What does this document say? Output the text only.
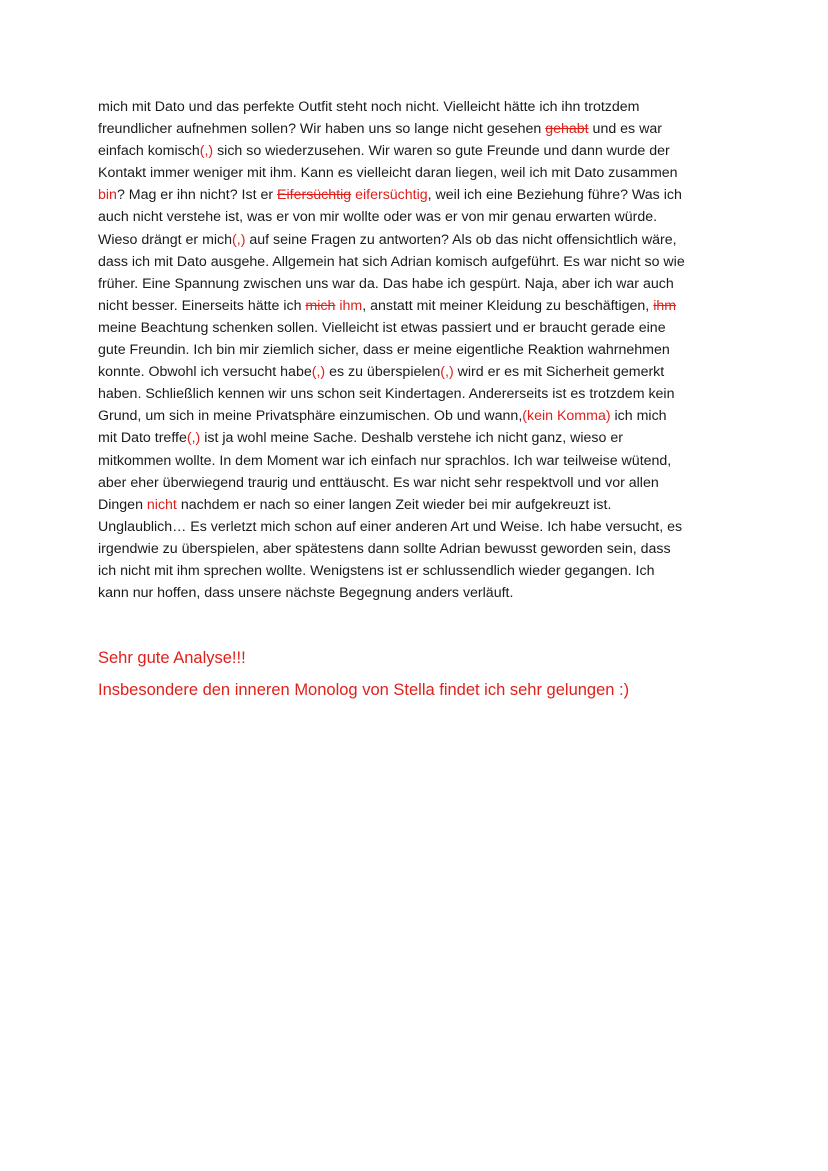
mich mit Dato und das perfekte Outfit steht noch nicht. Vielleicht hätte ich ihn trotzdem
freundlicher aufnehmen sollen? Wir haben uns so lange nicht gesehen gehabt und es war
einfach komisch(,) sich so wiederzusehen. Wir waren so gute Freunde und dann wurde der
Kontakt immer weniger mit ihm. Kann es vielleicht daran liegen, weil ich mit Dato zusammen
bin? Mag er ihn nicht? Ist er Eifersüchtig eifersüchtig, weil ich eine Beziehung führe? Was ich
auch nicht verstehe ist, was er von mir wollte oder was er von mir genau erwarten würde.
Wieso drängt er mich(,) auf seine Fragen zu antworten? Als ob das nicht offensichtlich wäre,
dass ich mit Dato ausgehe. Allgemein hat sich Adrian komisch aufgeführt. Es war nicht so wie
früher. Eine Spannung zwischen uns war da. Das habe ich gespürt. Naja, aber ich war auch
nicht besser. Einerseits hätte ich mich ihm, anstatt mit meiner Kleidung zu beschäftigen, ihm
meine Beachtung schenken sollen. Vielleicht ist etwas passiert und er braucht gerade eine
gute Freundin. Ich bin mir ziemlich sicher, dass er meine eigentliche Reaktion wahrnehmen
konnte. Obwohl ich versucht habe(,) es zu überspielen(,) wird er es mit Sicherheit gemerkt
haben. Schließlich kennen wir uns schon seit Kindertagen. Andererseits ist es trotzdem kein
Grund, um sich in meine Privatsphäre einzumischen. Ob und wann,(kein Komma) ich mich
mit Dato treffe(,) ist ja wohl meine Sache. Deshalb verstehe ich nicht ganz, wieso er
mitkommen wollte. In dem Moment war ich einfach nur sprachlos. Ich war teilweise wütend,
aber eher überwiegend traurig und enttäuscht. Es war nicht sehr respektvoll und vor allen
Dingen nicht nachdem er nach so einer langen Zeit wieder bei mir aufgekreuzt ist.
Unglaublich… Es verletzt mich schon auf einer anderen Art und Weise. Ich habe versucht, es
irgendwie zu überspielen, aber spätestens dann sollte Adrian bewusst geworden sein, dass
ich nicht mit ihm sprechen wollte. Wenigstens ist er schlussendlich wieder gegangen. Ich
kann nur hoffen, dass unsere nächste Begegnung anders verläuft.
Sehr gute Analyse!!!
Insbesondere den inneren Monolog von Stella findet ich sehr gelungen :)
